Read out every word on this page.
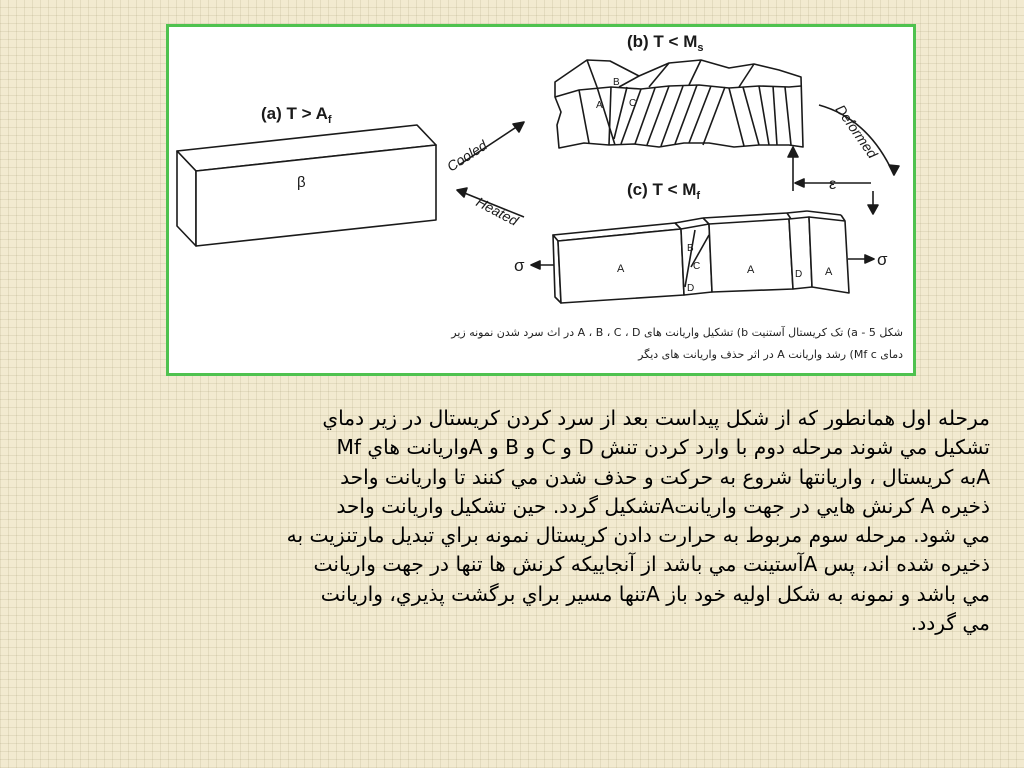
(a) $T > A_f$
(b) $T < M_s$
(c) $T < M_f$
β
Cooled
Heated
Deformed
ε
σ	σ
A
B
C
A
B
C
D
A	D A
شکل 5 - a) تک کریستال آستنیت b) تشکیل واریانت های A ، B ، C ، D در اث سرد شدن نمونه زیر
دمای Mf c) رشد واریانت A در اثر حذف واریانت های دیگر

مرحله اول همانطور که از شکل پيداست بعد از سرد کردن کريستال در زير دماي
تشکيل مي شوند مرحله دوم با وارد کردن تنش D و C و B و Aواريانت هاي Mf
Aبه کريستال ، واريانتها شروع به حرکت و حذف شدن مي کنند تا واريانت واحد
ذخيره A کرنش هايي در جهت واريانتAتشکيل گردد. حين تشکيل واريانت واحد
مي شود. مرحله سوم مربوط به حرارت دادن کريستال نمونه براي تبديل مارتنزيت به
ذخيره شده اند، پس Aآستينت مي باشد از آنجاييکه کرنش ها تنها در جهت واريانت
مي باشد و نمونه به شکل اوليه خود باز Aتنها مسير براي برگشت پذيري، واريانت
مي گردد.
